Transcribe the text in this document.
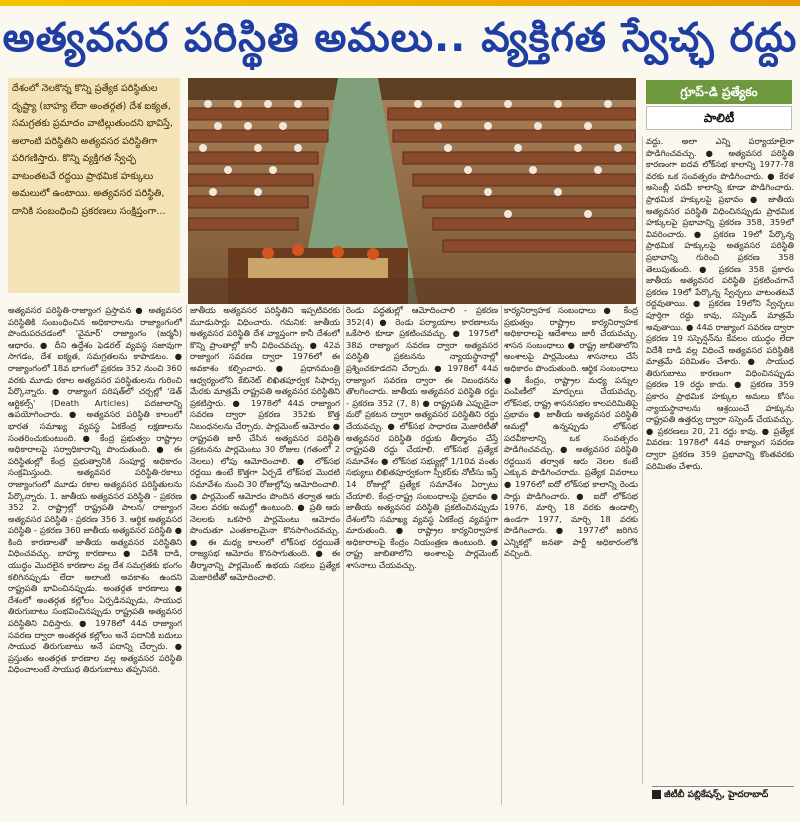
అత్యవసర పరిస్థితి అమలు.. వ్యక్తిగత స్వేచ్ఛ రద్దు
దేశంలో నెలకొన్న కొన్ని ప్రత్యేక పరిస్థితుల దృష్ట్యా (బాహ్య లేదా అంతర్గత) దేశ ఐక్యత, సమగ్రతకు ప్రమాదం వాటిల్లుతుందని భావిస్తే, అలాంటి పరిస్థితిని అత్యవసర పరిస్థితిగా పరిగణిస్తారు. కొన్ని వ్యక్తిగత స్వేచ్ఛ వాటంతటవే రద్దయి ప్రాథమిక హక్కులు అమలులో ఉంటాయి. అత్యవసర పరిస్థితి, దానికి సంబంధించి ప్రకరణలు సంక్షిప్తంగా...
గ్రూప్-డి ప్రత్యేకం
పాలిటీ
అత్యవసర పరిస్థితి-రాజ్యాంగ ప్రస్తావన ● అత్యవసర పరిస్థితికి సంబంధించిన అధికారాలను రాజ్యాంగంలో పొందుపరచడంలో 'వైమార్' రాజ్యాంగం (జర్మనీ) ఆధారం. ● దీని ఉద్దేశం ఫెడరల్ వ్యవస్థ సజావుగా సాగడం, దేశ ఐక్యత, సమగ్రతలను కాపాడటం. ● రాజ్యాంగంలో 18వ భాగంలో ప్రకరణ 352 నుంచి 360 వరకు మూడు రకాల అత్యవసర పరిస్థితులను గురించి పేర్కొన్నారు. ● రాజ్యాంగ పరిషత్‌లో చర్చల్లో 'డెత్ ఆర్టికల్స్' (Death Articles) పదజాలాన్ని ఉపయోగించారు. ● అత్యవసర పరిస్థితి కాలంలో భారత సమాఖ్య వ్యవస్థ ఏకకేంద్ర లక్షణాలను సంతరించుకుంటుంది. ● కేంద్ర ప్రభుత్వం రాష్ట్రాల అధికారాలపై సర్వాధికారాన్ని పొందుతుంది. ● ఈ పరిస్థితుల్లో కేంద్ర ప్రభుత్వానికి సంపూర్ణ అధికారం సంక్రమిస్తుంది. అత్యవసర పరిస్థితి-రకాలు రాజ్యాంగంలో మూడు రకాల అత్యవసర పరిస్థితులను పేర్కొన్నారు. 1. జాతీయ అత్యవసర పరిస్థితి - ప్రకరణ 352 2. రాష్ట్రాల్లో రాష్ట్రపతి పాలన/ రాజ్యాంగ అత్యవసర పరిస్థితి - ప్రకరణ 356 3. ఆర్థిక అత్యవసర పరిస్థితి - ప్రకరణ 360 జాతీయ అత్యవసర పరిస్థితి ● కింది కారణాలతో జాతీయ అత్యవసర పరిస్థితిని విధించవచ్చు. బాహ్య కారణాలు ● విదేశీ దాడి, యుద్ధం మొదలైన కారణాల వల్ల దేశ సమగ్రతకు భంగం కలిగినప్పుడు లేదా అలాంటి అవకాశం ఉందని రాష్ట్రపతి భావించినప్పుడు. అంతర్గత కారణాలు ● దేశంలో అంతర్గత కల్లోలం ఏర్పడినప్పుడు, సాయుధ తిరుగుబాటు సంభవించినప్పుడు రాష్ట్రపతి అత్యవసర పరిస్థితిని విధిస్తారు. ● 1978లో 44వ రాజ్యాంగ సవరణ ద్వారా అంతర్గత కల్లోలం అనే పదానికి బదులు సాయుధ తిరుగుబాటు అనే పదాన్ని చేర్చారు. ● ప్రస్తుతం అంతర్గత కారణాల వల్ల అత్యవసర పరిస్థితి విధించాలంటే సాయుధ తిరుగుబాటు తప్పనిసరి.
జాతీయ అత్యవసర పరిస్థితిని ఇప్పటివరకు మూడుసార్లు విధించారు. గమనిక: జాతీయ అత్యవసర పరిస్థితి దేశ వ్యాప్తంగా కానీ దేశంలో కొన్ని ప్రాంతాల్లో కానీ విధించవచ్చు. ● 42వ రాజ్యాంగ సవరణ ద్వారా 1976లో ఈ అవకాశం కల్పించారు. ● ప్రధానమంత్రి ఆధ్వర్యంలోని కేబినెట్ లిఖితపూర్వక సిఫార్సు మేరకు మాత్రమే రాష్ట్రపతి అత్యవసర పరిస్థితిని ప్రకటిస్తారు. ● 1978లో 44వ రాజ్యాంగ సవరణ ద్వారా ప్రకరణ 352కు కొత్త నిబంధనలను చేర్చారు. పార్లమెంట్ ఆమోదం ● రాష్ట్రపతి జారీ చేసిన అత్యవసర పరిస్థితి ప్రకటనను పార్లమెంటు 30 రోజుల (గతంలో 2 నెలలు) లోపు ఆమోదించాలి. ● లోక్‌సభ రద్దయి ఉంటే కొత్తగా ఏర్పడే లోక్‌సభ మొదటి సమావేశం నుంచి 30 రోజుల్లోపు ఆమోదించాలి. ● పార్లమెంట్ ఆమోదం పొందిన తర్వాత ఆరు నెలల వరకు అమల్లో ఉంటుంది. ● ప్రతి ఆరు నెలలకు ఒకసారి పార్లమెంటు ఆమోదం పొందుతూ ఎంతకాలమైనా కొనసాగించవచ్చు. ● ఈ మధ్య కాలంలో లోక్‌సభ రద్దయితే రాజ్యసభ ఆమోదం కొనసాగుతుంది. ● ఈ తీర్మానాన్ని పార్లమెంట్ ఉభయ సభలు ప్రత్యేక మెజారిటీతో ఆమోదించాలి.
రెండు పద్ధతుల్లో ఆమోదించాలి - ప్రకరణ 352(4) ● రెండు పర్యాయాల కారణాలను ఒకేసారి కూడా ప్రకటించవచ్చు. ● 1975లో 38వ రాజ్యాంగ సవరణ ద్వారా అత్యవసర పరిస్థితి ప్రకటనను న్యాయస్థానాల్లో ప్రశ్నించకూడదని చేర్చారు. ● 1978లో 44వ రాజ్యాంగ సవరణ ద్వారా ఈ నిబంధనను తొలగించారు. జాతీయ అత్యవసర పరిస్థితి రద్దు - ప్రకరణ 352 (7, 8) ● రాష్ట్రపతి ఎప్పుడైనా మరో ప్రకటన ద్వారా అత్యవసర పరిస్థితిని రద్దు చేయవచ్చు. ● లోక్‌సభ సాధారణ మెజారిటీతో అత్యవసర పరిస్థితి రద్దుకు తీర్మానం చేస్తే రాష్ట్రపతి రద్దు చేయాలి. లోక్‌సభ ప్రత్యేక సమావేశం ● లోక్‌సభ సభ్యుల్లో 1/10వ వంతు సభ్యులు లిఖితపూర్వకంగా స్పీకర్‌కు నోటీసు ఇస్తే 14 రోజుల్లో ప్రత్యేక సమావేశం ఏర్పాటు చేయాలి. కేంద్ర-రాష్ట్ర సంబంధాలపై ప్రభావం ● జాతీయ అత్యవసర పరిస్థితి ప్రకటించినప్పుడు దేశంలోని సమాఖ్య వ్యవస్థ ఏకకేంద్ర వ్యవస్థగా మారుతుంది. ● రాష్ట్రాల కార్యనిర్వాహక అధికారాలపై కేంద్రం నియంత్రణ ఉంటుంది. ● రాష్ట్ర జాబితాలోని అంశాలపై పార్లమెంట్ శాసనాలు చేయవచ్చు.
కార్యనిర్వాహక సంబంధాలు ● కేంద్ర ప్రభుత్వం రాష్ట్రాల కార్యనిర్వాహక అధికారాలపై ఆదేశాలు జారీ చేయవచ్చు. శాసన సంబంధాలు ● రాష్ట్ర జాబితాలోని అంశాలపై పార్లమెంటు శాసనాలు చేసే అధికారం పొందుతుంది. ఆర్థిక సంబంధాలు ● కేంద్రం, రాష్ట్రాల మధ్య పన్నుల పంపిణీలో మార్పులు చేయవచ్చు. లోక్‌సభ, రాష్ట్ర శాసనసభల కాలపరిమితిపై ప్రభావం ● జాతీయ అత్యవసర పరిస్థితి అమల్లో ఉన్నప్పుడు లోక్‌సభ పదవీకాలాన్ని ఒక సంవత్సరం పొడిగించవచ్చు. ● అత్యవసర పరిస్థితి రద్దయిన తర్వాత ఆరు నెలల కంటే ఎక్కువ పొడిగించరాదు. ప్రత్యేక వివరాలు ● 1976లో ఐదో లోక్‌సభ కాలాన్ని రెండు సార్లు పొడిగించారు. ● ఐదో లోక్‌సభ 1976, మార్చి 18 వరకు ఉండాల్సి ఉండగా 1977, మార్చి 18 వరకు పొడిగించారు. ● 1977లో జరిగిన ఎన్నికల్లో జనతా పార్టీ అధికారంలోకి వచ్చింది.
వద్దు. అలా ఎన్ని పర్యాయాలైనా పొడిగించవచ్చు. ● అత్యవసర పరిస్థితి కారణంగా ఐదవ లోక్‌సభ కాలాన్ని 1977-78 వరకు ఒక సంవత్సరం పొడిగించారు. ● కేరళ అసెంబ్లీ పదవీ కాలాన్ని కూడా పొడిగించారు. ప్రాథమిక హక్కులపై ప్రభావం ● జాతీయ అత్యవసర పరిస్థితి విధించినప్పుడు ప్రాథమిక హక్కులపై ప్రభావాన్ని ప్రకరణ 358, 359లో వివరించారు. ● ప్రకరణ 19లో పేర్కొన్న ప్రాథమిక హక్కులపై అత్యవసర పరిస్థితి ప్రభావాన్ని గురించి ప్రకరణ 358 తెలుపుతుంది. ● ప్రకరణ 358 ప్రకారం జాతీయ అత్యవసర పరిస్థితి ప్రకటించగానే ప్రకరణ 19లో పేర్కొన్న స్వేచ్ఛలు వాటంతటవే రద్దవుతాయి. ● ప్రకరణ 19లోని స్వేచ్ఛలు పూర్తిగా రద్దు కావు, సస్పెండ్ మాత్రమే అవుతాయి. ● 44వ రాజ్యాంగ సవరణ ద్వారా ప్రకరణ 19 సస్పెన్షన్‌ను కేవలం యుద్ధం లేదా విదేశీ దాడి వల్ల విధించే అత్యవసర పరిస్థితికి మాత్రమే పరిమితం చేశారు. ● సాయుధ తిరుగుబాటు కారణంగా విధించినప్పుడు ప్రకరణ 19 రద్దు కాదు. ● ప్రకరణ 359 ప్రకారం ప్రాథమిక హక్కుల అమలు కోసం న్యాయస్థానాలను ఆశ్రయించే హక్కును రాష్ట్రపతి ఉత్తర్వు ద్వారా సస్పెండ్ చేయవచ్చు. ● ప్రకరణలు 20, 21 రద్దు కావు. ● ప్రత్యేక వివరణ: 1978లో 44వ రాజ్యాంగ సవరణ ద్వారా ప్రకరణ 359 ప్రభావాన్ని కొంతవరకు పరిమితం చేశారు.
జీటీబీ పబ్లికేషన్స్, హైదరాబాద్
